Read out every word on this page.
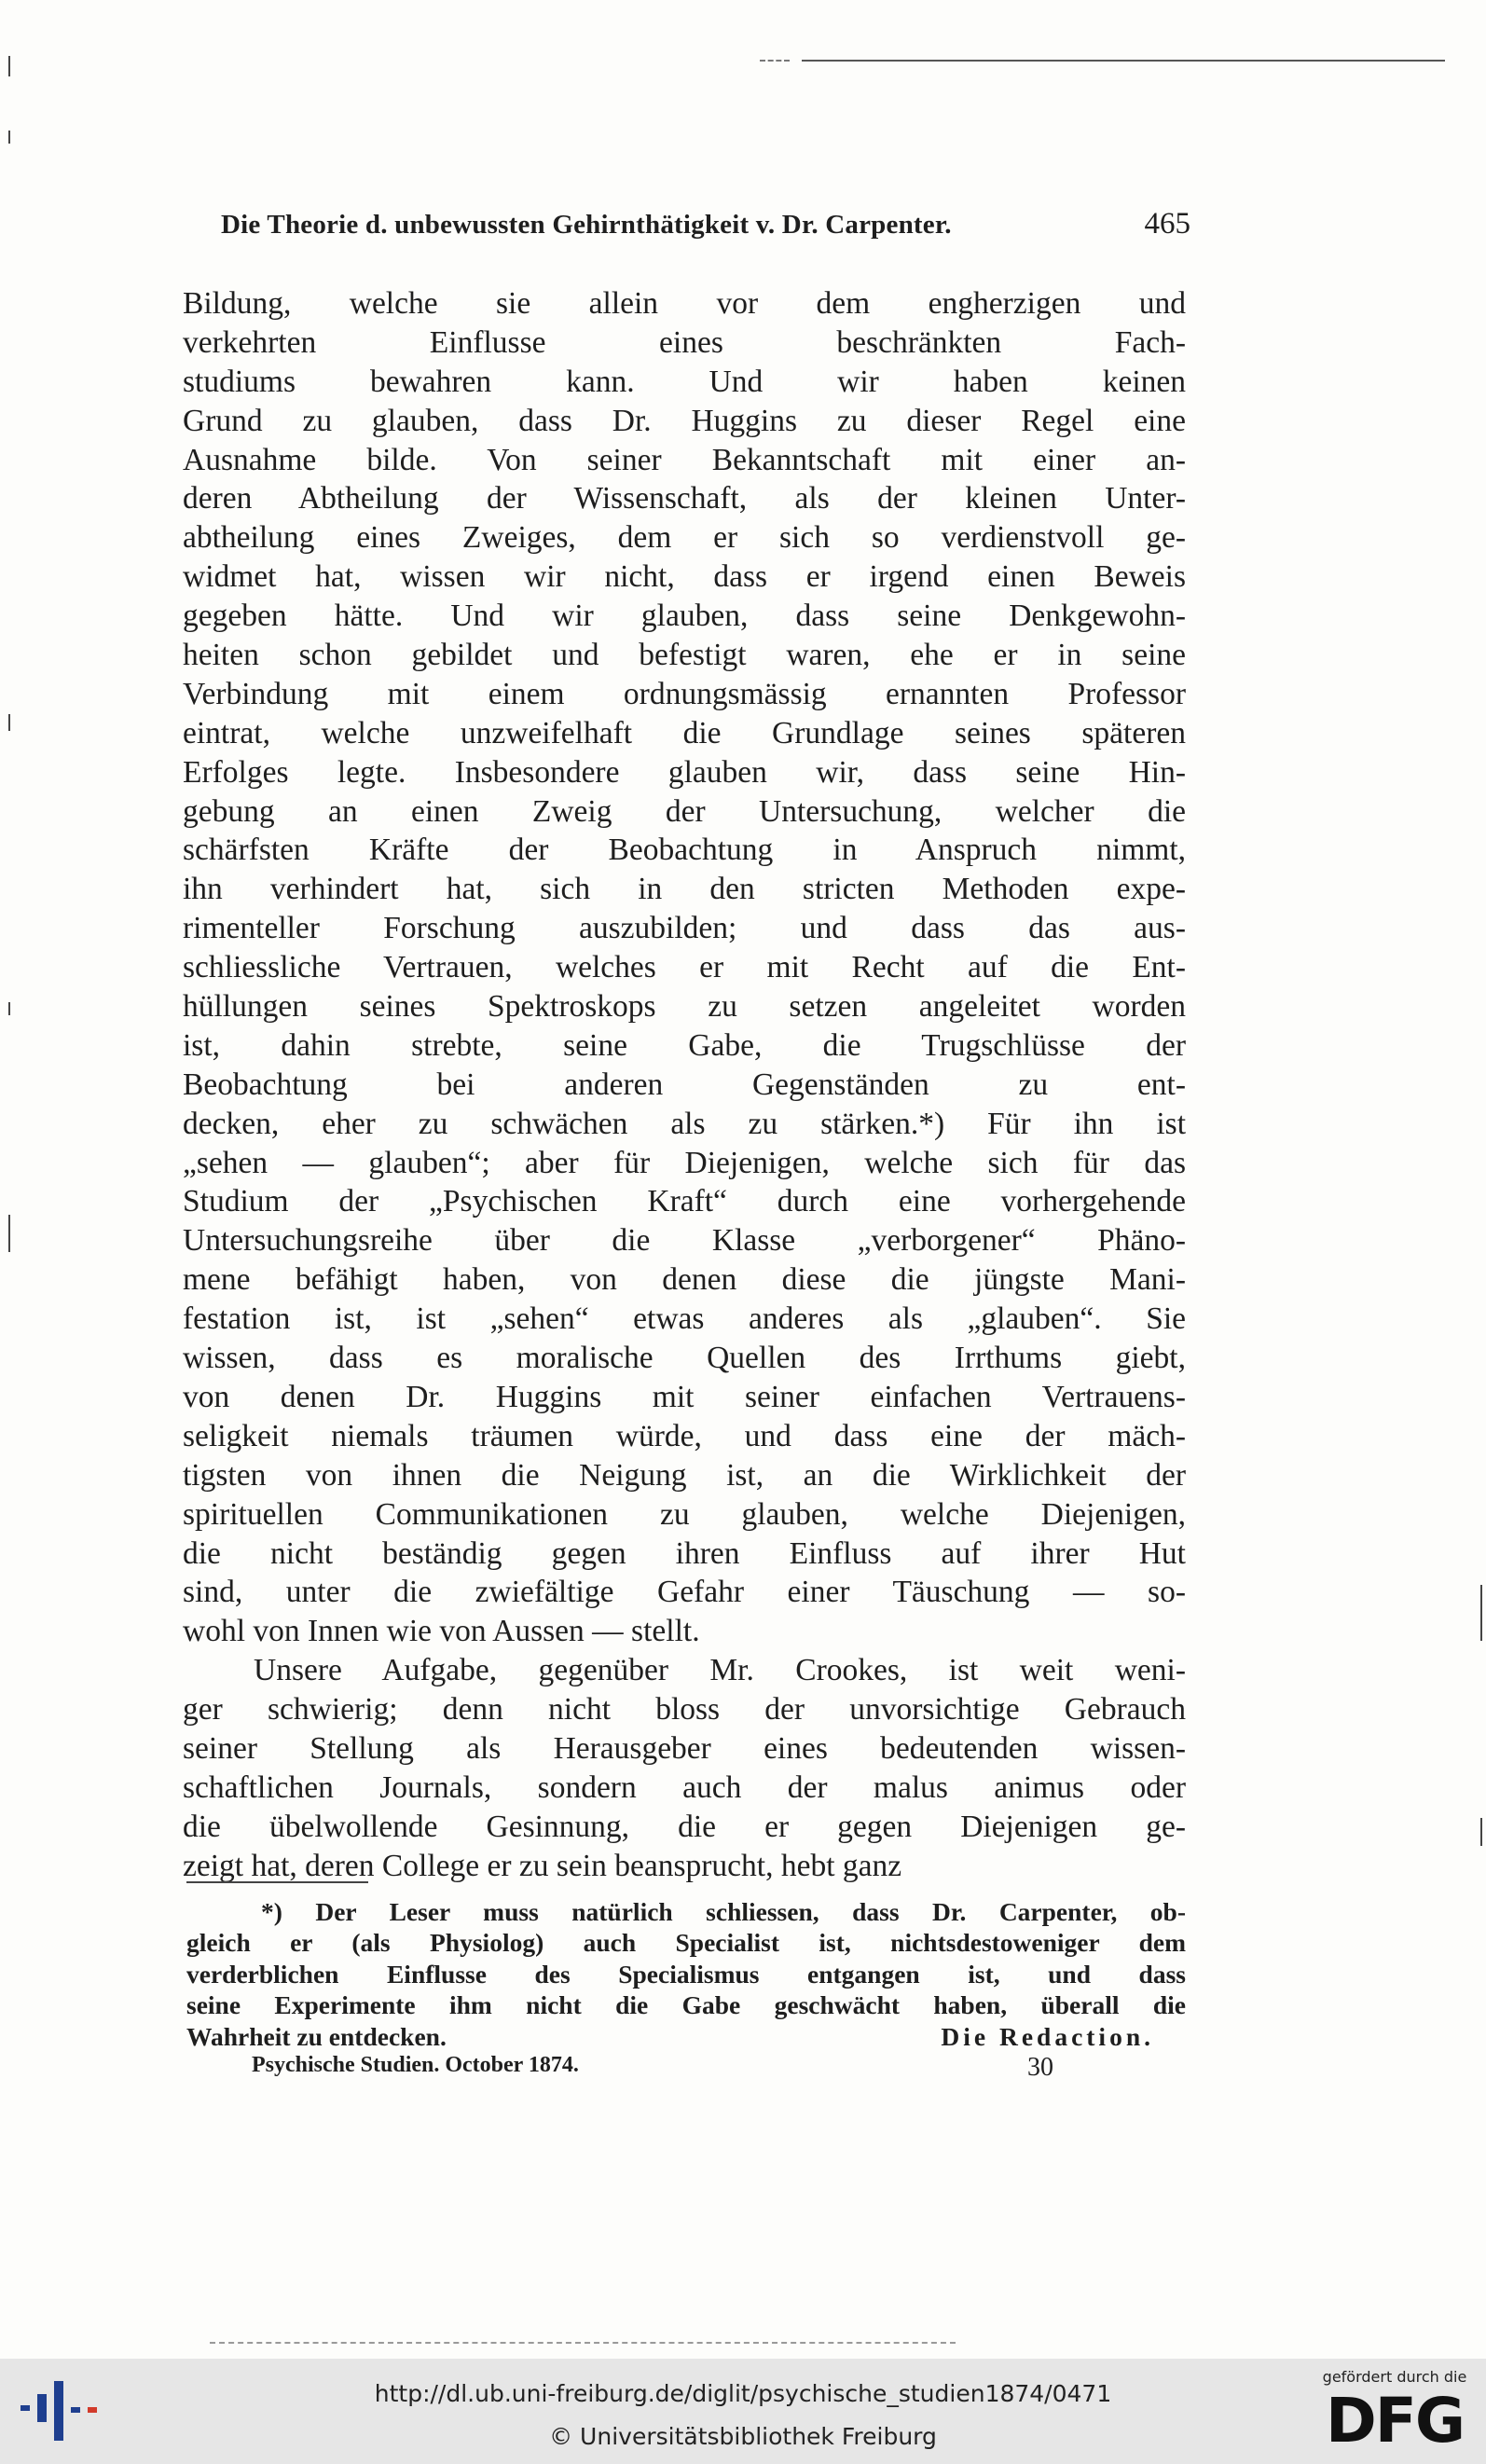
Die Theorie d. unbewussten Gehirnthätigkeit v. Dr. Carpenter.	465
Bildung, welche sie allein vor dem engherzigen und
verkehrten Einflusse eines beschränkten Fach-
studiums bewahren kann. Und wir haben keinen
Grund zu glauben, dass Dr. Huggins zu dieser Regel eine
Ausnahme bilde. Von seiner Bekanntschaft mit einer an-
deren Abtheilung der Wissenschaft, als der kleinen Unter-
abtheilung eines Zweiges, dem er sich so verdienstvoll ge-
widmet hat, wissen wir nicht, dass er irgend einen Beweis
gegeben hätte. Und wir glauben, dass seine Denkgewohn-
heiten schon gebildet und befestigt waren, ehe er in seine
Verbindung mit einem ordnungsmässig ernannten Professor
eintrat, welche unzweifelhaft die Grundlage seines späteren
Erfolges legte. Insbesondere glauben wir, dass seine Hin-
gebung an einen Zweig der Untersuchung, welcher die
schärfsten Kräfte der Beobachtung in Anspruch nimmt,
ihn verhindert hat, sich in den stricten Methoden expe-
rimenteller Forschung auszubilden; und dass das aus-
schliessliche Vertrauen, welches er mit Recht auf die Ent-
hüllungen seines Spektroskops zu setzen angeleitet worden
ist, dahin strebte, seine Gabe, die Trugschlüsse der
Beobachtung bei anderen Gegenständen zu ent-
decken, eher zu schwächen als zu stärken.*) Für ihn ist
„sehen — glauben“; aber für Diejenigen, welche sich für das
Studium der „Psychischen Kraft“ durch eine vorhergehende
Untersuchungsreihe über die Klasse „verborgener“ Phäno-
mene befähigt haben, von denen diese die jüngste Mani-
festation ist, ist „sehen“ etwas anderes als „glauben“. Sie
wissen, dass es moralische Quellen des Irrthums giebt,
von denen Dr. Huggins mit seiner einfachen Vertrauens-
seligkeit niemals träumen würde, und dass eine der mäch-
tigsten von ihnen die Neigung ist, an die Wirklichkeit der
spirituellen Communikationen zu glauben, welche Diejenigen,
die nicht beständig gegen ihren Einfluss auf ihrer Hut
sind, unter die zwiefältige Gefahr einer Täuschung — so-
wohl von Innen wie von Aussen — stellt.
Unsere Aufgabe, gegenüber Mr. Crookes, ist weit weni-
ger schwierig; denn nicht bloss der unvorsichtige Gebrauch
seiner Stellung als Herausgeber eines bedeutenden wissen-
schaftlichen Journals, sondern auch der malus animus oder
die übelwollende Gesinnung, die er gegen Diejenigen ge-
zeigt hat, deren College er zu sein beansprucht, hebt ganz
*) Der Leser muss natürlich schliessen, dass Dr. Carpenter, ob-
gleich er (als Physiolog) auch Specialist ist, nichtsdestoweniger dem
verderblichen Einflusse des Specialismus entgangen ist, und dass
seine Experimente ihm nicht die Gabe geschwächt haben, überall die
Wahrheit zu entdecken.	Die Redaction.
Psychische Studien. October 1874.	30
http://dl.ub.uni-freiburg.de/diglit/psychische_studien1874/0471
© Universitätsbibliothek Freiburg
gefördert durch die
DFG
